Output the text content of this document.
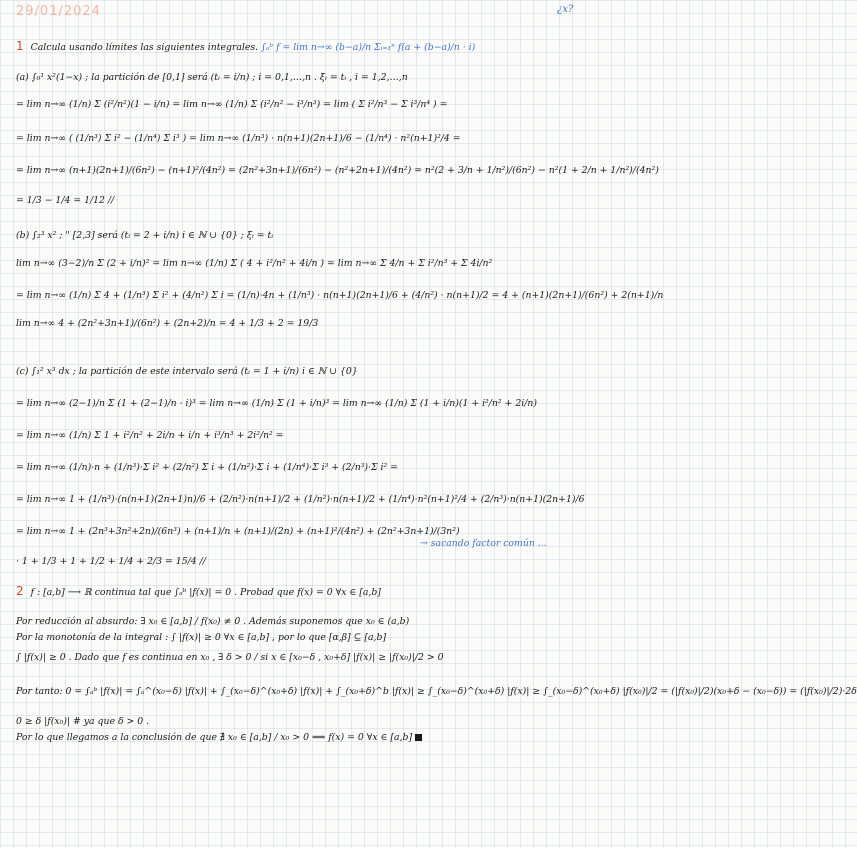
29/01/2024	¿x?
1 Calcula usando límites las siguientes integrales. ∫ₐᵇ f = lim n→∞ (b−a)/n Σᵢ₌₁ⁿ f(a + (b−a)/n · i)
(a) ∫₀¹ x²(1−x) ; la partición de [0,1] será (tᵢ = i/n) ; i = 0,1,…,n . ξᵢ = tᵢ , i = 1,2,…,n
= lim n→∞ (1/n) Σ (i²/n²)(1 − i/n) = lim n→∞ (1/n) Σ (i²/n² − i³/n³) = lim ( Σ i²/n³ − Σ i³/n⁴ ) =
= lim n→∞ ( (1/n³) Σ i² − (1/n⁴) Σ i³ ) = lim n→∞ (1/n³) · n(n+1)(2n+1)/6 − (1/n⁴) · n²(n+1)²/4 =
= lim n→∞ (n+1)(2n+1)/(6n²) − (n+1)²/(4n²) = (2n²+3n+1)/(6n²) − (n²+2n+1)/(4n²) = n²(2 + 3/n + 1/n²)/(6n²) − n²(1 + 2/n + 1/n²)/(4n²)
= 1/3 − 1/4 = 1/12 //
(b) ∫₂³ x² ; " [2,3] será (tᵢ = 2 + i/n) i ∈ ℕ ∪ {0} ; ξᵢ = tᵢ
lim n→∞ (3−2)/n Σ (2 + i/n)² = lim n→∞ (1/n) Σ ( 4 + i²/n² + 4i/n ) = lim n→∞ Σ 4/n + Σ i²/n³ + Σ 4i/n²
= lim n→∞ (1/n) Σ 4 + (1/n³) Σ i² + (4/n²) Σ i = (1/n)·4n + (1/n³) · n(n+1)(2n+1)/6 + (4/n²) · n(n+1)/2 = 4 + (n+1)(2n+1)/(6n²) + 2(n+1)/n
lim n→∞ 4 + (2n²+3n+1)/(6n²) + (2n+2)/n = 4 + 1/3 + 2 = 19/3
(c) ∫₁² x³ dx ; la partición de este intervalo será (tᵢ = 1 + i/n) i ∈ ℕ ∪ {0}
= lim n→∞ (2−1)/n Σ (1 + (2−1)/n · i)³ = lim n→∞ (1/n) Σ (1 + i/n)³ = lim n→∞ (1/n) Σ (1 + i/n)(1 + i²/n² + 2i/n)
= lim n→∞ (1/n) Σ 1 + i²/n² + 2i/n + i/n + i³/n³ + 2i²/n² =
= lim n→∞ (1/n)·n + (1/n³)·Σ i² + (2/n²) Σ i + (1/n²)·Σ i + (1/n⁴)·Σ i³ + (2/n³)·Σ i² =
= lim n→∞ 1 + (1/n³)·(n(n+1)(2n+1)n)/6 + (2/n²)·n(n+1)/2 + (1/n²)·n(n+1)/2 + (1/n⁴)·n²(n+1)²/4 + (2/n³)·n(n+1)(2n+1)/6
= lim n→∞ 1 + (2n³+3n²+2n)/(6n³) + (n+1)/n + (n+1)/(2n) + (n+1)²/(4n²) + (2n²+3n+1)/(3n²)
→ sacando factor común ...
· 1 + 1/3 + 1 + 1/2 + 1/4 + 2/3 = 15/4 //
2 f : [a,b] ⟶ ℝ continua tal que ∫ₐᵇ |f(x)| = 0 . Probad que f(x) = 0 ∀x ∈ [a,b]
Por reducción al absurdo: ∃ x₀ ∈ [a,b] / f(x₀) ≠ 0 . Además suponemos que x₀ ∈ (a,b)
Por la monotonía de la integral : ∫ |f(x)| ≥ 0 ∀x ∈ [a,b] , por lo que [α,β] ⊆ [a,b]
∫ |f(x)| ≥ 0 . Dado que f es continua en x₀ , ∃ δ > 0 / si x ∈ [x₀−δ , x₀+δ] |f(x)| ≥ |f(x₀)|/2 > 0
Por tanto: 0 = ∫ₐᵇ |f(x)| = ∫ₐ^(x₀−δ) |f(x)| + ∫_(x₀−δ)^(x₀+δ) |f(x)| + ∫_(x₀+δ)^b |f(x)| ≥ ∫_(x₀−δ)^(x₀+δ) |f(x)| ≥ ∫_(x₀−δ)^(x₀+δ) |f(x₀)|/2 = (|f(x₀)|/2)(x₀+δ − (x₀−δ)) = (|f(x₀)|/2)·2δ
0 ≥ δ |f(x₀)| # ya que δ > 0 .
Por lo que llegamos a la conclusión de que ∄ x₀ ∈ [a,b] / x₀ > 0 ⟹ f(x) = 0 ∀x ∈ [a,b]
